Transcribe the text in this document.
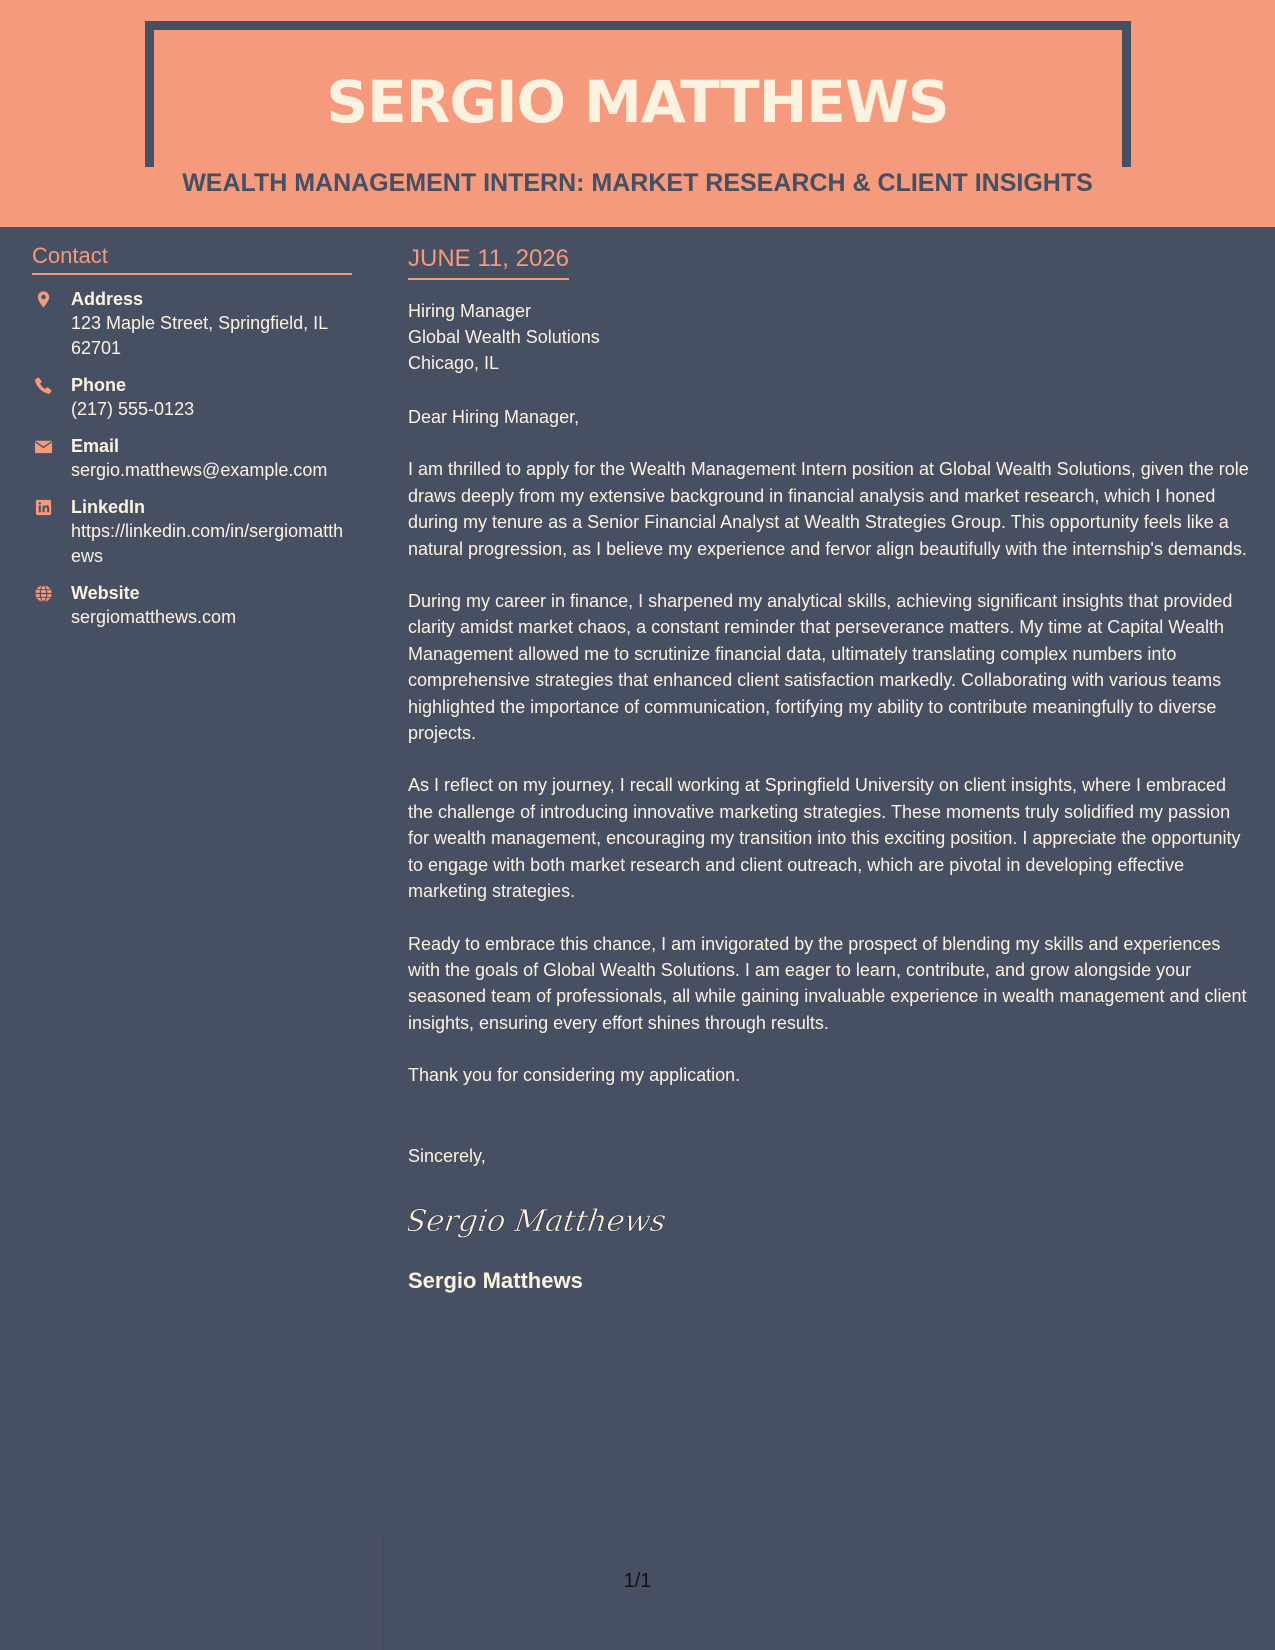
SERGIO MATTHEWS
WEALTH MANAGEMENT INTERN: MARKET RESEARCH & CLIENT INSIGHTS
Contact
Address
123 Maple Street, Springfield, IL 62701
Phone
(217) 555-0123
Email
sergio.matthews@example.com
LinkedIn
https://linkedin.com/in/sergiomatthews
Website
sergiomatthews.com
JUNE 11, 2026
Hiring Manager
Global Wealth Solutions
Chicago, IL

Dear Hiring Manager,

I am thrilled to apply for the Wealth Management Intern position at Global Wealth Solutions, given the role draws deeply from my extensive background in financial analysis and market research, which I honed during my tenure as a Senior Financial Analyst at Wealth Strategies Group. This opportunity feels like a natural progression, as I believe my experience and fervor align beautifully with the internship's demands.

During my career in finance, I sharpened my analytical skills, achieving significant insights that provided clarity amidst market chaos, a constant reminder that perseverance matters. My time at Capital Wealth Management allowed me to scrutinize financial data, ultimately translating complex numbers into comprehensive strategies that enhanced client satisfaction markedly. Collaborating with various teams highlighted the importance of communication, fortifying my ability to contribute meaningfully to diverse projects.

As I reflect on my journey, I recall working at Springfield University on client insights, where I embraced the challenge of introducing innovative marketing strategies. These moments truly solidified my passion for wealth management, encouraging my transition into this exciting position. I appreciate the opportunity to engage with both market research and client outreach, which are pivotal in developing effective marketing strategies.

Ready to embrace this chance, I am invigorated by the prospect of blending my skills and experiences with the goals of Global Wealth Solutions. I am eager to learn, contribute, and grow alongside your seasoned team of professionals, all while gaining invaluable experience in wealth management and client insights, ensuring every effort shines through results.

Thank you for considering my application.

Sincerely,

Sergio Matthews
Sergio Matthews
1/1
